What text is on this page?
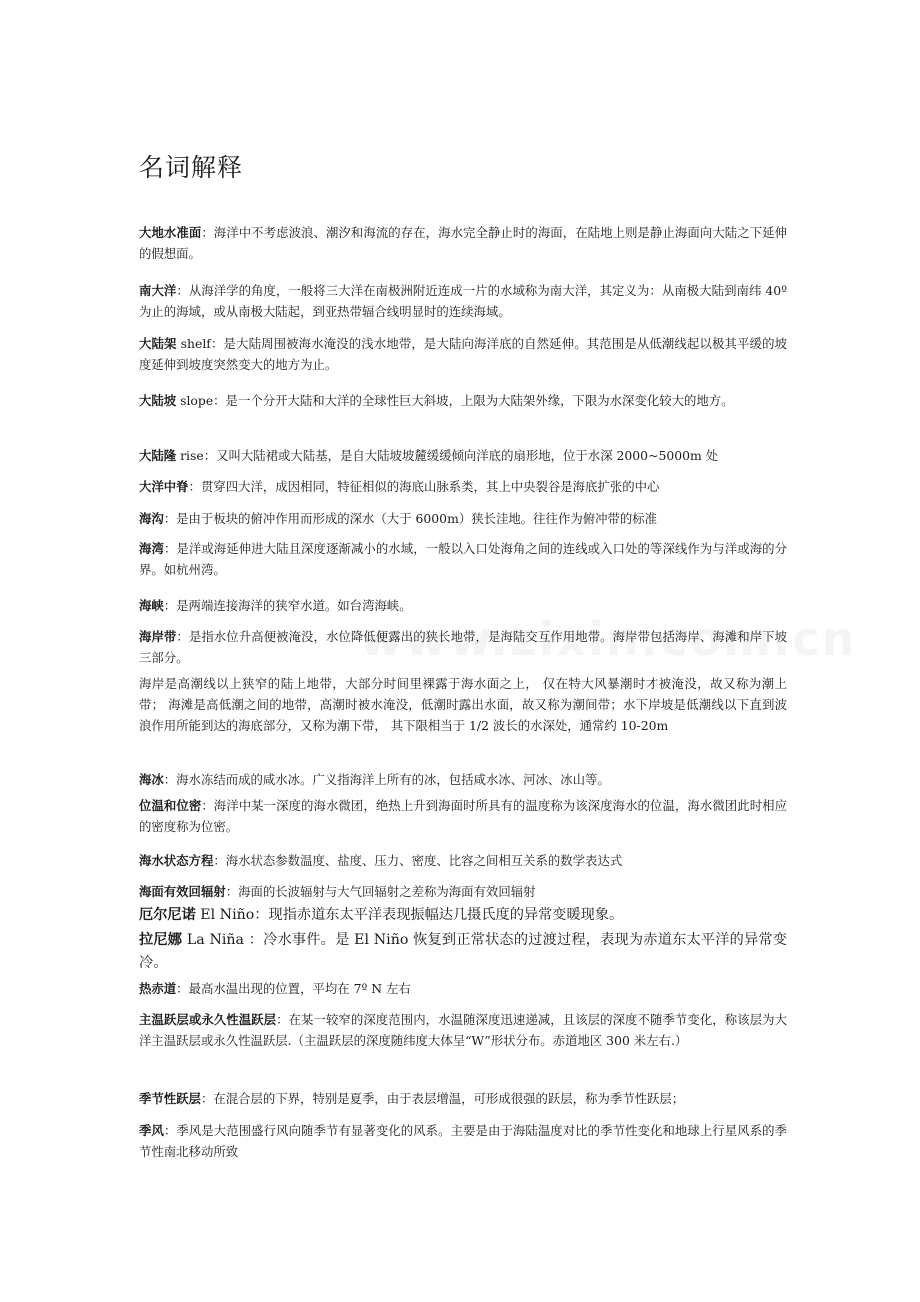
名词解释

大地水准面：海洋中不考虑波浪、潮汐和海流的存在，海水完全静止时的海面，在陆地上则是静止海面向大陆之下延伸的假想面。

南大洋：从海洋学的角度，一般将三大洋在南极洲附近连成一片的水域称为南大洋，其定义为：从南极大陆到南纬 40º 为止的海域，或从南极大陆起，到亚热带辐合线明显时的连续海域。

大陆架 shelf：是大陆周围被海水淹没的浅水地带，是大陆向海洋底的自然延伸。其范围是从低潮线起以极其平缓的坡度延伸到坡度突然变大的地方为止。

大陆坡 slope：是一个分开大陆和大洋的全球性巨大斜坡，上限为大陆架外缘，下限为水深变化较大的地方。

大陆隆 rise：又叫大陆裙或大陆基，是自大陆坡坡麓缓缓倾向洋底的扇形地，位于水深 2000~5000m 处

大洋中脊：贯穿四大洋，成因相同，特征相似的海底山脉系类，其上中央裂谷是海底扩张的中心

海沟：是由于板块的俯冲作用而形成的深水（大于 6000m）狭长洼地。往往作为俯冲带的标准

海湾：是洋或海延伸进大陆且深度逐渐减小的水域，一般以入口处海角之间的连线或入口处的等深线作为与洋或海的分界。如杭州湾。

海峡：是两端连接海洋的狭窄水道。如台湾海峡。

海岸带：是指水位升高便被淹没，水位降低便露出的狭长地带，是海陆交互作用地带。海岸带包括海岸、海滩和岸下坡三部分。

海岸是高潮线以上狭窄的陆上地带，大部分时间里裸露于海水面之上， 仅在特大风暴潮时才被淹没，故又称为潮上带； 海滩是高低潮之间的地带，高潮时被水淹没，低潮时露出水面，故又称为潮间带；水下岸坡是低潮线以下直到波浪作用所能到达的海底部分，又称为潮下带， 其下限相当于 1/2 波长的水深处，通常约 10-20m

海冰：海水冻结而成的咸水冰。广义指海洋上所有的冰，包括咸水冰、河冰、冰山等。

位温和位密：海洋中某一深度的海水微团，绝热上升到海面时所具有的温度称为该深度海水的位温，海水微团此时相应的密度称为位密。

海水状态方程：海水状态参数温度、盐度、压力、密度、比容之间相互关系的数学表达式

海面有效回辐射：海面的长波辐射与大气回辐射之差称为海面有效回辐射

厄尔尼诺 El Niño：现指赤道东太平洋表现振幅达几摄氏度的异常变暖现象。

拉尼娜 La Niña ：冷水事件。是 El Niño 恢复到正常状态的过渡过程，表现为赤道东太平洋的异常变冷。

热赤道：最高水温出现的位置，平均在 7º N 左右

主温跃层或永久性温跃层：在某一较窄的深度范围内，水温随深度迅速递减，且该层的深度不随季节变化，称该层为大洋主温跃层或永久性温跃层.（主温跃层的深度随纬度大体呈“W”形状分布。赤道地区 300 米左右.）

季节性跃层：在混合层的下界，特别是夏季，由于表层增温，可形成很强的跃层，称为季节性跃层；

季风：季风是大范围盛行风向随季节有显著变化的风系。主要是由于海陆温度对比的季节性变化和地球上行星风系的季节性南北移动所致
